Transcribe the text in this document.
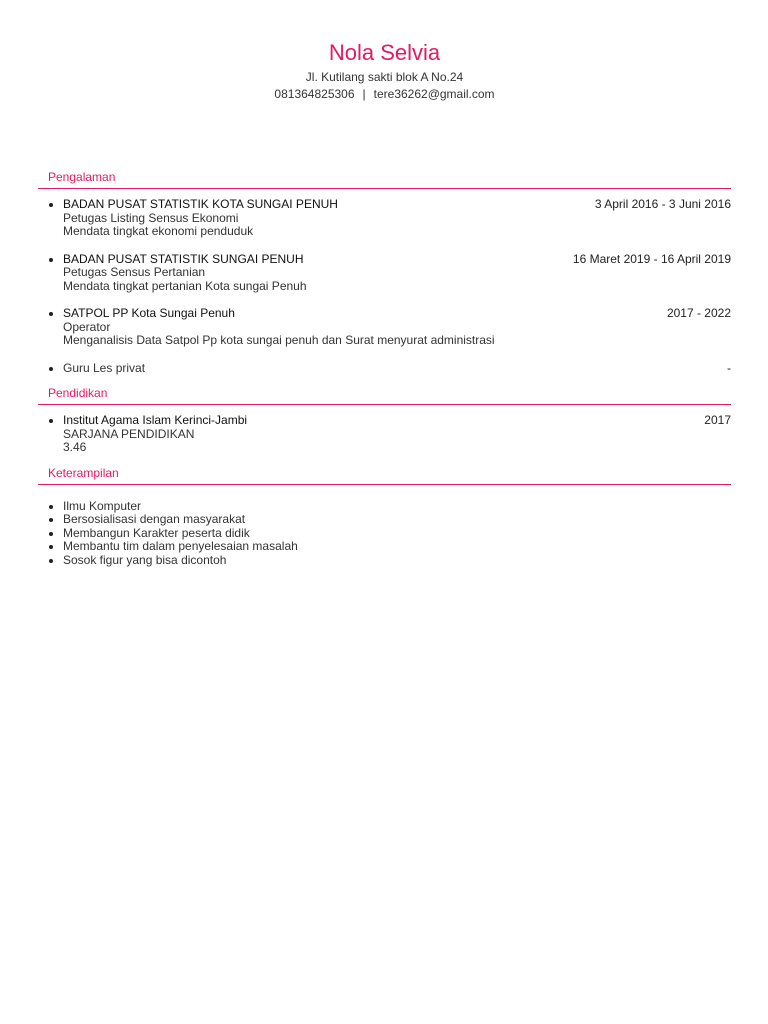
Nola Selvia
Jl. Kutilang sakti blok A No.24
081364825306 | tere36262@gmail.com
Pengalaman
BADAN PUSAT STATISTIK KOTA SUNGAI PENUH	3 April 2016 - 3 Juni 2016
Petugas Listing Sensus Ekonomi
Mendata tingkat ekonomi penduduk
BADAN PUSAT STATISTIK SUNGAI PENUH	16 Maret 2019 - 16 April 2019
Petugas Sensus Pertanian
Mendata tingkat pertanian Kota sungai Penuh
SATPOL PP Kota Sungai Penuh	2017 - 2022
Operator
Menganalisis Data Satpol Pp kota sungai penuh dan Surat menyurat administrasi
Guru Les privat	-
Pendidikan
Institut Agama Islam Kerinci-Jambi	2017
SARJANA PENDIDIKAN
3.46
Keterampilan
Ilmu Komputer
Bersosialisasi dengan masyarakat
Membangun Karakter peserta didik
Membantu tim dalam penyelesaian masalah
Sosok figur yang bisa dicontoh
